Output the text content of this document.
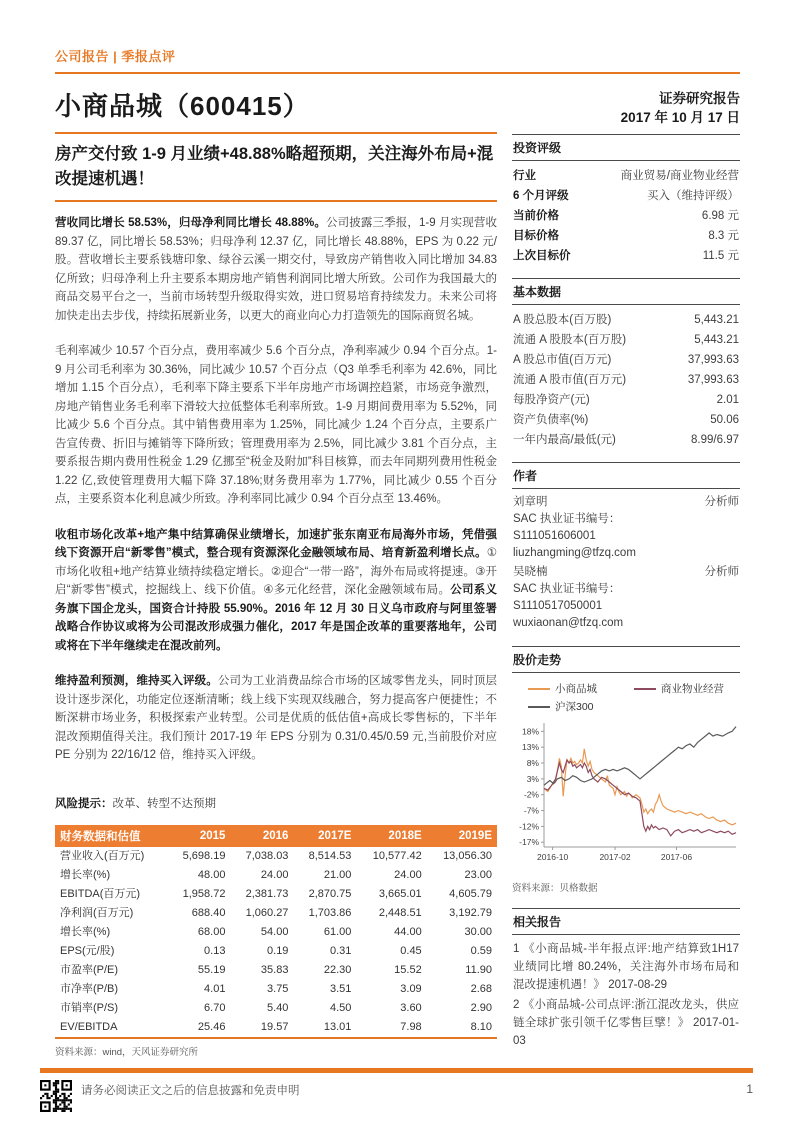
公司报告 | 季报点评
小商品城（600415）
房产交付致 1-9 月业绩+48.88%略超预期，关注海外布局+混改提速机遇！

营收同比增长 58.53%，归母净利同比增长 48.88%。公司披露三季报，1-9 月实现营收 89.37 亿，同比增长 58.53%；归母净利 12.37 亿，同比增长 48.88%，EPS 为 0.22 元/股。营收增长主要系钱塘印象、绿谷云溪一期交付，导致房产销售收入同比增加 34.83 亿所致；归母净利上升主要系本期房地产销售利润同比增大所致。公司作为我国最大的商品交易平台之一，当前市场转型升级取得实效，进口贸易培育持续发力。未来公司将加快走出去步伐，持续拓展新业务，以更大的商业向心力打造领先的国际商贸名城。

毛利率减少 10.57 个百分点，费用率减少 5.6 个百分点，净利率减少 0.94 个百分点。1-9 月公司毛利率为 30.36%，同比减少 10.57 个百分点（Q3 单季毛利率为 42.6%，同比增加 1.15 个百分点），毛利率下降主要系下半年房地产市场调控趋紧，市场竞争激烈，房地产销售业务毛利率下滑较大拉低整体毛利率所致。1-9 月期间费用率为 5.52%，同比减少 5.6 个百分点。其中销售费用率为 1.25%，同比减少 1.24 个百分点，主要系广告宣传费、折旧与摊销等下降所致；管理费用率为 2.5%，同比减少 3.81 个百分点，主要系报告期内费用性税金 1.29 亿挪至“税金及附加”科目核算，而去年同期列费用性税金 1.22 亿,致使管理费用大幅下降 37.18%;财务费用率为 1.77%，同比减少 0.55 个百分点，主要系资本化利息减少所致。净利率同比减少 0.94 个百分点至 13.46%。

收租市场化改革+地产集中结算确保业绩增长，加速扩张东南亚布局海外市场，凭借强线下资源开启“新零售”模式，整合现有资源深化金融领域布局、培育新盈利增长点。①市场化收租+地产结算业绩持续稳定增长。②迎合“一带一路”，海外布局或将提速。③开启“新零售”模式，挖掘线上、线下价值。④多元化经营，深化金融领域布局。公司系义务旗下国企龙头，国资合计持股 55.90%。2016 年 12 月 30 日义乌市政府与阿里签署战略合作协议或将为公司混改形成强力催化，2017 年是国企改革的重要落地年，公司或将在下半年继续走在混改前列。

维持盈利预测，维持买入评级。公司为工业消费品综合市场的区域零售龙头，同时顶层设计逐步深化，功能定位逐渐清晰；线上线下实现双线融合，努力提高客户便捷性；不断深耕市场业务，积极探索产业转型。公司是优质的低估值+高成长零售标的，下半年混改预期值得关注。我们预计 2017-19 年 EPS 分别为 0.31/0.45/0.59 元,当前股价对应 PE 分别为 22/16/12 倍，维持买入评级。

风险提示：改革、转型不达预期
财务数据和估值	2015	2016	2017E	2018E	2019E
营业收入(百万元)	5,698.19	7,038.03	8,514.53	10,577.42	13,056.30
增长率(%)	48.00	24.00	21.00	24.00	23.00
EBITDA(百万元)	1,958.72	2,381.73	2,870.75	3,665.01	4,605.79
净利润(百万元)	688.40	1,060.27	1,703.86	2,448.51	3,192.79
增长率(%)	68.00	54.00	61.00	44.00	30.00
EPS(元/股)	0.13	0.19	0.31	0.45	0.59
市盈率(P/E)	55.19	35.83	22.30	15.52	11.90
市净率(P/B)	4.01	3.75	3.51	3.09	2.68
市销率(P/S)	6.70	5.40	4.50	3.60	2.90
EV/EBITDA	25.46	19.57	13.01	7.98	8.10
资料来源：wind，天风证券研究所
证券研究报告
2017 年 10 月 17 日
投资评级
行业	商业贸易/商业物业经营
6 个月评级	买入（维持评级）
当前价格	6.98 元
目标价格	8.3 元
上次目标价	11.5 元
基本数据
A 股总股本(百万股)	5,443.21
流通 A 股股本(百万股)	5,443.21
A 股总市值(百万元)	37,993.63
流通 A 股市值(百万元)	37,993.63
每股净资产(元)	2.01
资产负债率(%)	50.06
一年内最高/最低(元)	8.99/6.97
作者
刘章明	分析师
SAC 执业证书编号：
S111051606001
liuzhangming@tfzq.com
吴晓楠	分析师
SAC 执业证书编号：
S1110517050001
wuxiaonan@tfzq.com
股价走势
小商品城	商业物业经营
沪深300
18%
13%
8%
3%
-2%
-7%
-12%
-17%
2016-10	2017-02	2017-06
资料来源：贝格数据
相关报告
1 《小商品城-半年报点评:地产结算致1H17 业绩同比增 80.24%，关注海外市场布局和混改提速机遇！》 2017-08-29
2 《小商品城-公司点评:浙江混改龙头，供应链全球扩张引领千亿零售巨擘！》 2017-01-03
请务必阅读正文之后的信息披露和免责申明	1
